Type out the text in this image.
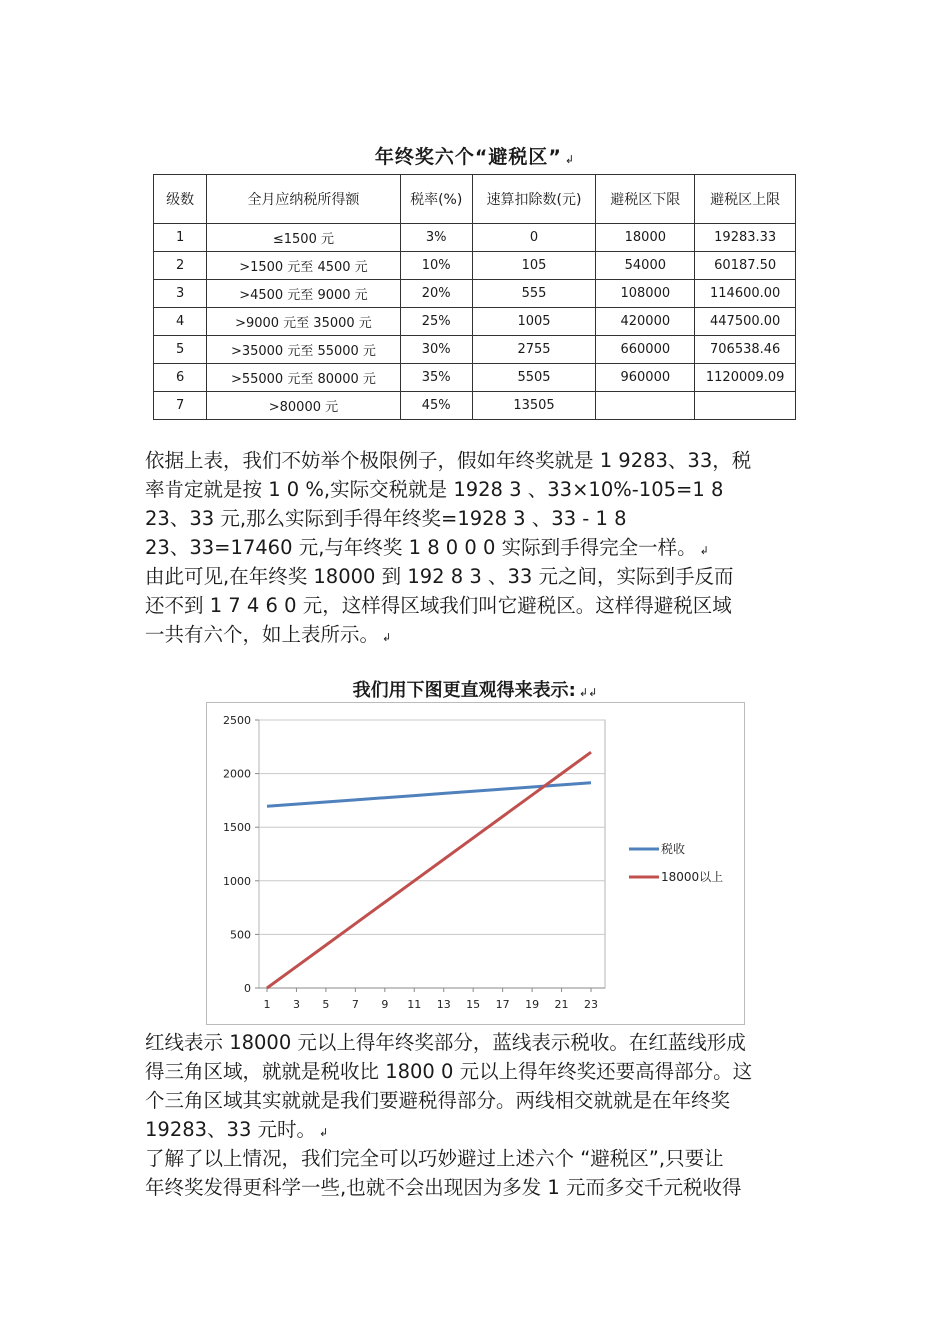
年终奖六个“避税区” ↲
级数	全月应纳税所得额	税率(%)	速算扣除数(元)	避税区下限	避税区上限
1	≤1500 元	3%	0	18000	19283.33
2	>1500 元至 4500 元	10%	105	54000	60187.50
3	>4500 元至 9000 元	20%	555	108000	114600.00
4	>9000 元至 35000 元	25%	1005	420000	447500.00
5	>35000 元至 55000 元	30%	2755	660000	706538.46
6	>55000 元至 80000 元	35%	5505	960000	1120009.09
7	>80000 元	45%	13505		
依据上表，我们不妨举个极限例子，假如年终奖就是 1 9283、33，税
率肯定就是按 1 0 %,实际交税就是 1928 3 、33×10%-105=1 8
23、33 元,那么实际到手得年终奖=1928 3 、33 - 1 8
23、33=17460 元,与年终奖 1 8 0 0 0 实际到手得完全一样。 ↲
由此可见,在年终奖 18000 到 192 8 3 、33 元之间，实际到手反而
还不到 1 7 4 6 0 元，这样得区域我们叫它避税区。这样得避税区域
一共有六个，如上表所示。 ↲
我们用下图更直观得来表示: ↲↲
0
500
1000
1500
2000
2500
1 3 5 7 9 11 13 15 17 19 21 23
税收
18000以上
红线表示 18000 元以上得年终奖部分，蓝线表示税收。在红蓝线形成
得三角区域，就就是税收比 1800 0 元以上得年终奖还要高得部分。这
个三角区域其实就就是我们要避税得部分。两线相交就就是在年终奖
19283、33 元时。 ↲
了解了以上情况，我们完全可以巧妙避过上述六个 “避税区”,只要让
年终奖发得更科学一些,也就不会出现因为多发 1 元而多交千元税收得
